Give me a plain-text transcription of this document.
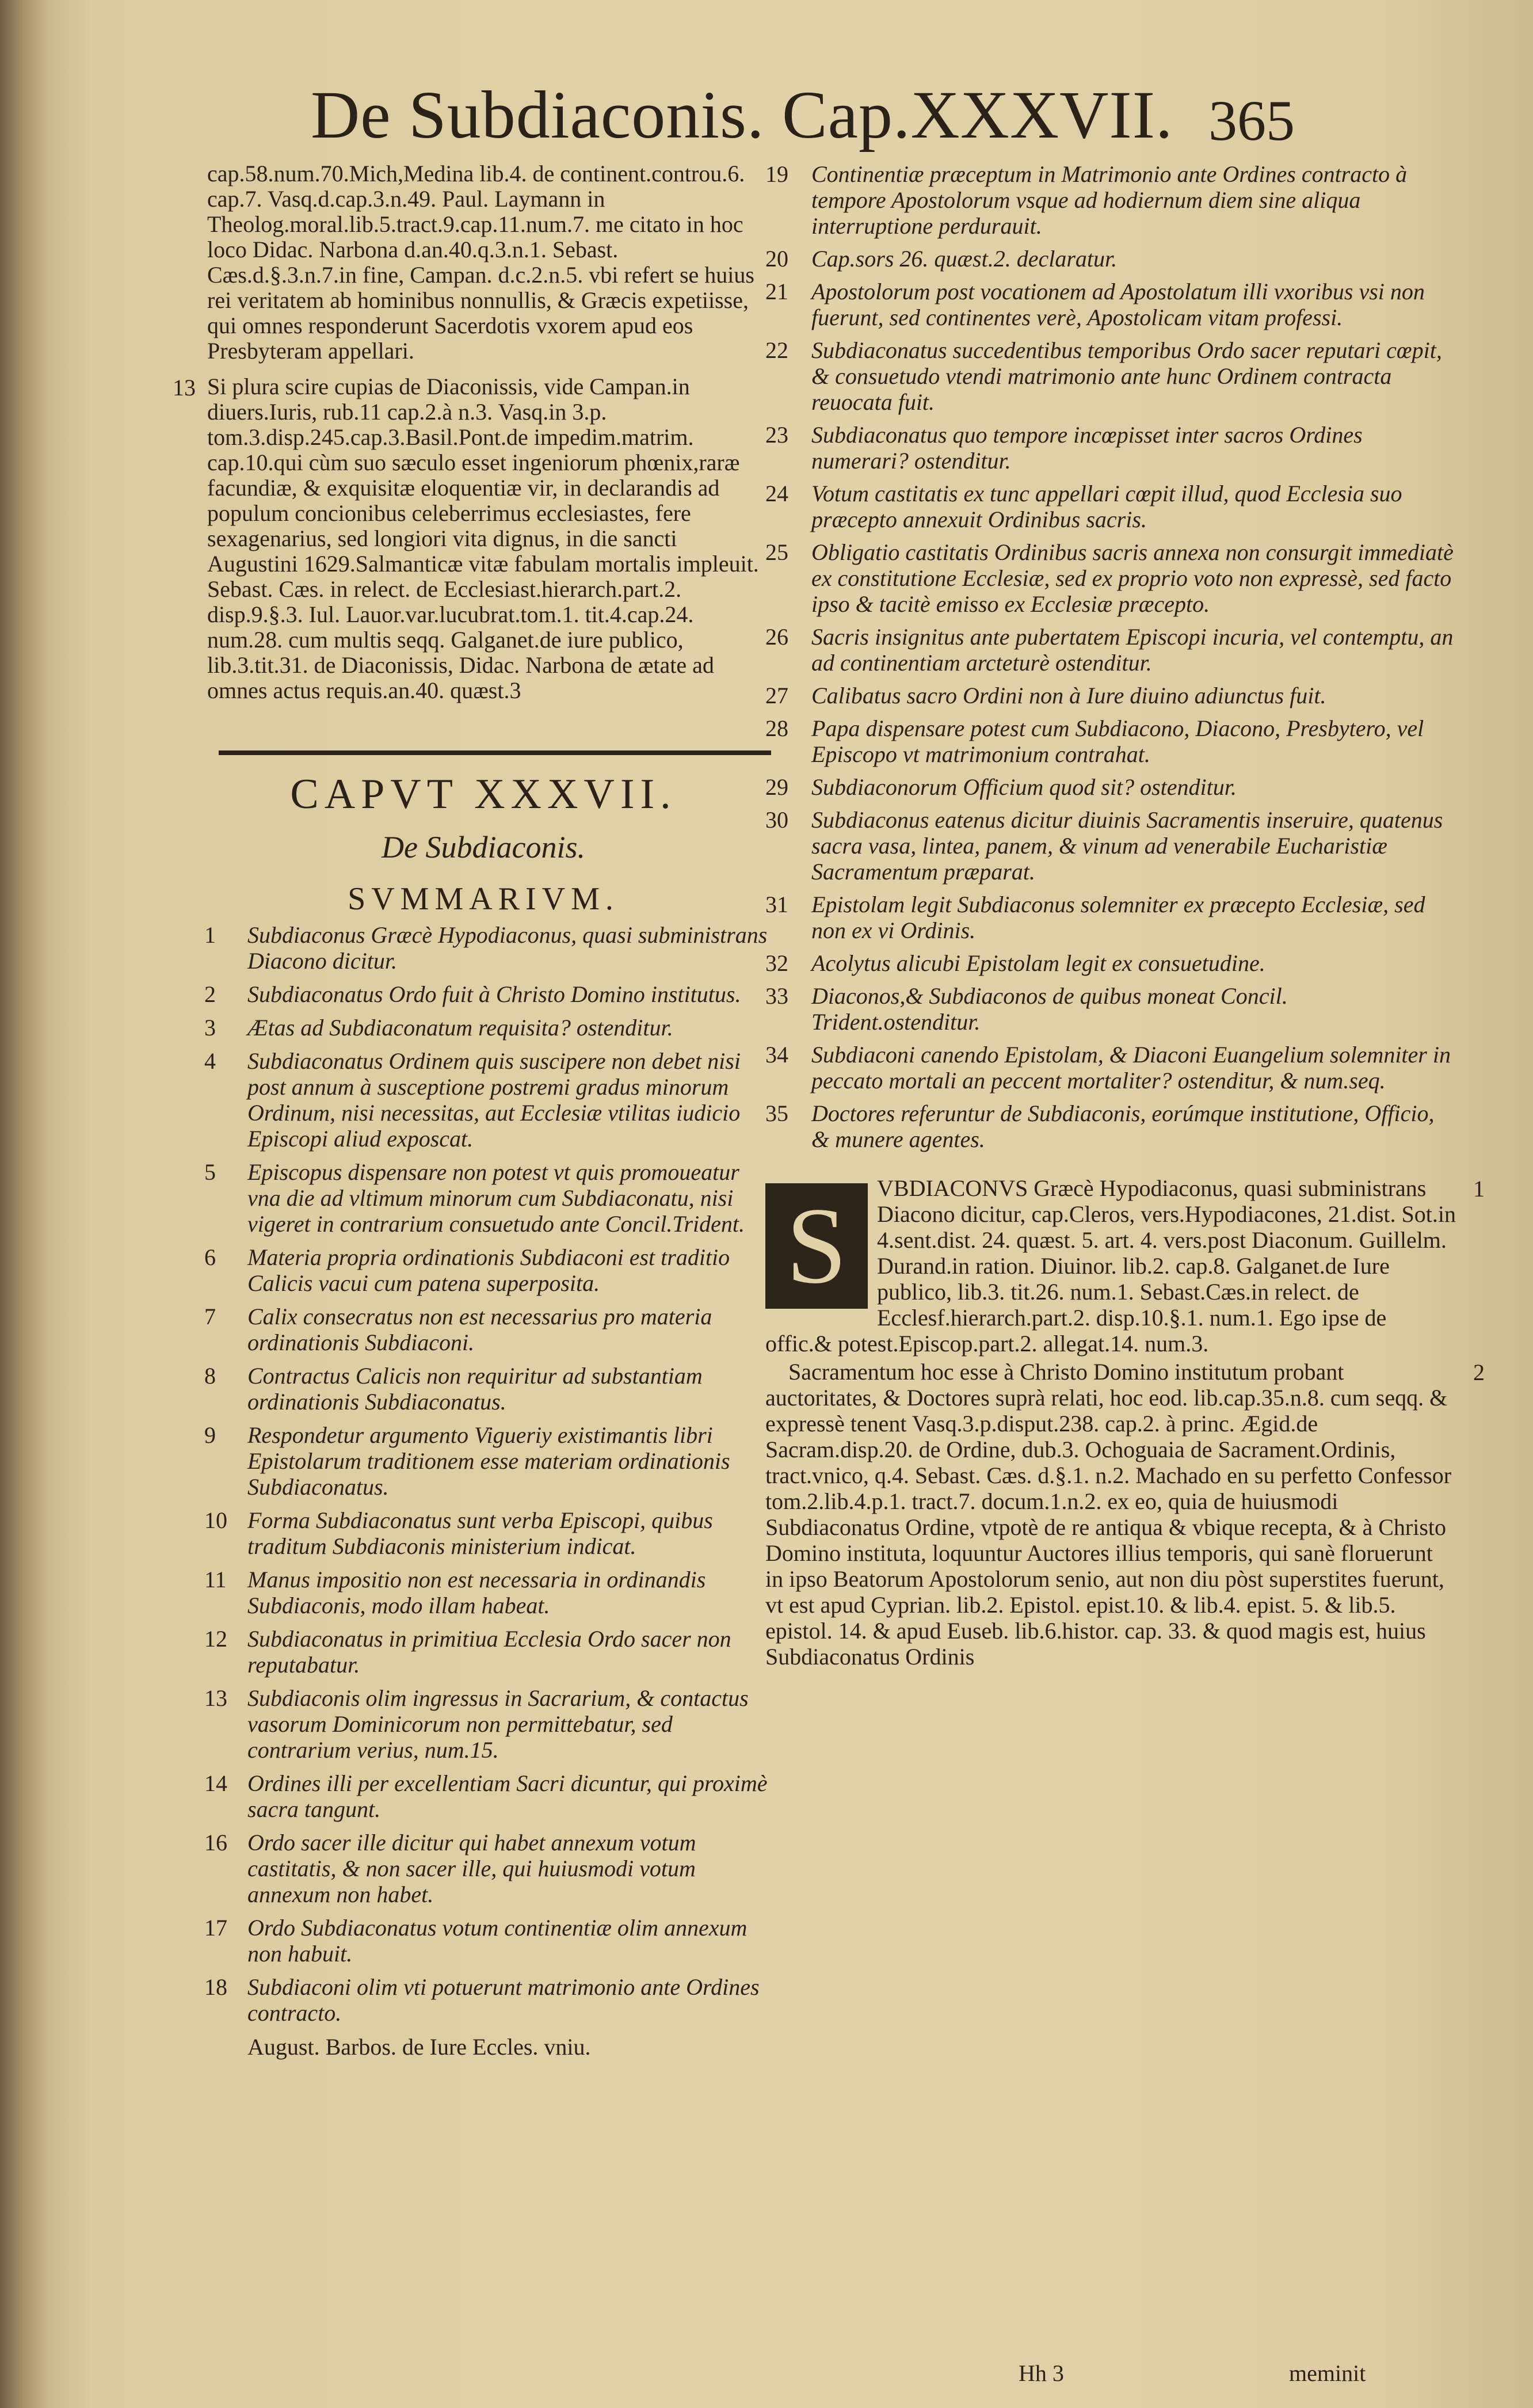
De Subdiaconis. Cap.XXXVII. 365

cap.58.num.70.Mich,Medina lib.4. de continent.controu.6. cap.7. Vasq.d.cap.3.n.49. Paul. Laymann in Theolog.moral.lib.5.tract.9.cap.11.num.7. me citato in hoc loco Didac. Narbona d.an.40.q.3.n.1. Sebast. Cæs.d.§.3.n.7.in fine, Campan. d.c.2.n.5. vbi refert se huius rei veritatem ab hominibus nonnullis, & Græcis expetiisse, qui omnes responderunt Sacerdotis vxorem apud eos Presbyteram appellari.

13 Si plura scire cupias de Diaconissis, vide Campan.in diuers.Iuris, rub.11 cap.2.à n.3. Vasq.in 3.p. tom.3.disp.245.cap.3.Basil.Pont.de impedim.matrim. cap.10.qui cùm suo sæculo esset ingeniorum phœnix,raræ facundiæ, & exquisitæ eloquentiæ vir, in declarandis ad populum concionibus celeberrimus ecclesiastes, fere sexagenarius, sed longiori vita dignus, in die sancti Augustini 1629.Salmanticæ vitæ fabulam mortalis impleuit. Sebast. Cæs. in relect. de Ecclesiast.hierarch.part.2. disp.9.§.3. Iul. Lauor.var.lucubrat.tom.1. tit.4.cap.24. num.28. cum multis seqq. Galganet.de iure publico, lib.3.tit.31. de Diaconissis, Didac. Narbona de ætate ad omnes actus requis.an.40. quæst.3

CAPVT XXXVII.
De Subdiaconis.
SVMMARIVM.
1	Subdiaconus Græcè Hypodiaconus, quasi subministrans Diacono dicitur.
2	Subdiaconatus Ordo fuit à Christo Domino institutus.
3	Ætas ad Subdiaconatum requisita? ostenditur.
4	Subdiaconatus Ordinem quis suscipere non debet nisi post annum à susceptione postremi gradus minorum Ordinum, nisi necessitas, aut Ecclesiæ vtilitas iudicio Episcopi aliud exposcat.
5	Episcopus dispensare non potest vt quis promoueatur vna die ad vltimum minorum cum Subdiaconatu, nisi vigeret in contrarium consuetudo ante Concil.Trident.
6	Materia propria ordinationis Subdiaconi est traditio Calicis vacui cum patena superposita.
7	Calix consecratus non est necessarius pro materia ordinationis Subdiaconi.
8	Contractus Calicis non requiritur ad substantiam ordinationis Subdiaconatus.
9	Respondetur argumento Vigueriy existimantis libri Epistolarum traditionem esse materiam ordinationis Subdiaconatus.
10 Forma Subdiaconatus sunt verba Episcopi, quibus traditum Subdiaconis ministerium indicat.
11 Manus impositio non est necessaria in ordinandis Subdiaconis, modo illam habeat.
12 Subdiaconatus in primitiua Ecclesia Ordo sacer non reputabatur.
13 Subdiaconis olim ingressus in Sacrarium, & contactus vasorum Dominicorum non permittebatur, sed contrarium verius, num.15.
14 Ordines illi per excellentiam Sacri dicuntur, qui proximè sacra tangunt.
16 Ordo sacer ille dicitur qui habet annexum votum castitatis, & non sacer ille, qui huiusmodi votum annexum non habet.
17 Ordo Subdiaconatus votum continentiæ olim annexum non habuit.
18 Subdiaconi olim vti potuerunt matrimonio ante Ordines contracto.
August. Barbos. de Iure Eccles. vniu.
19	Continentiæ præceptum in Matrimonio ante Ordines contracto à tempore Apostolorum vsque ad hodiernum diem sine aliqua interruptione perdurauit.
20	Cap.sors 26. quæst.2. declaratur.
21	Apostolorum post vocationem ad Apostolatum illi vxoribus vsi non fuerunt, sed continentes verè, Apostolicam vitam professi.
22	Subdiaconatus succedentibus temporibus Ordo sacer reputari cœpit, & consuetudo vtendi matrimonio ante hunc Ordinem contracta reuocata fuit.
23	Subdiaconatus quo tempore incœpisset inter sacros Ordines numerari? ostenditur.
24	Votum castitatis ex tunc appellari cœpit illud, quod Ecclesia suo præcepto annexuit Ordinibus sacris.
25	Obligatio castitatis Ordinibus sacris annexa non consurgit immediatè ex constitutione Ecclesiæ, sed ex proprio voto non expressè, sed facto ipso & tacitè emisso ex Ecclesiæ præcepto.
26	Sacris insignitus ante pubertatem Episcopi incuria, vel contemptu, an ad continentiam arcteturè ostenditur.
27	Calibatus sacro Ordini non à Iure diuino adiunctus fuit.
28	Papa dispensare potest cum Subdiacono, Diacono, Presbytero, vel Episcopo vt matrimonium contrahat.
29	Subdiaconorum Officium quod sit? ostenditur.
30	Subdiaconus eatenus dicitur diuinis Sacramentis inseruire, quatenus sacra vasa, lintea, panem, & vinum ad venerabile Eucharistiæ Sacramentum præparat.
31	Epistolam legit Subdiaconus solemniter ex præcepto Ecclesiæ, sed non ex vi Ordinis.
32	Acolytus alicubi Epistolam legit ex consuetudine.
33	Diaconos,& Subdiaconos de quibus moneat Concil. Trident.ostenditur.
34	Subdiaconi canendo Epistolam, & Diaconi Euangelium solemniter in peccato mortali an peccent mortaliter? ostenditur, & num.seq.
35	Doctores referuntur de Subdiaconis, eorúmque institutione, Officio, & munere agentes.
1
S	VBDIACONVS Græcè Hypodiaconus, quasi subministrans Diacono dicitur, cap.Cleros, vers.Hypodiacones, 21.dist. Sot.in 4.sent.dist. 24. quæst. 5. art. 4. vers.post Diaconum. Guillelm. Durand.in ration. Diuinor. lib.2. cap.8. Galganet.de Iure publico, lib.3. tit.26. num.1. Sebast.Cæs.in relect. de Ecclesf.hierarch.part.2. disp.10.§.1. num.1. Ego ipse de offic.& potest.Episcop.part.2. allegat.14. num.3.

2

Sacramentum hoc esse à Christo Domino institutum probant auctoritates, & Doctores suprà relati, hoc eod. lib.cap.35.n.8. cum seqq. & expressè tenent Vasq.3.p.disput.238. cap.2. à princ. Ægid.de Sacram.disp.20. de Ordine, dub.3. Ochoguaia de Sacrament.Ordinis, tract.vnico, q.4. Sebast. Cæs. d.§.1. n.2. Machado en su perfetto Confessor tom.2.lib.4.p.1. tract.7. docum.1.n.2. ex eo, quia de huiusmodi Subdiaconatus Ordine, vtpotè de re antiqua & vbique recepta, & à Christo Domino instituta, loquuntur Auctores illius temporis, qui sanè floruerunt in ipso Beatorum Apostolorum senio, aut non diu pòst superstites fuerunt, vt est apud Cyprian. lib.2. Epistol. epist.10. & lib.4. epist. 5. & lib.5. epistol. 14. & apud Euseb. lib.6.histor. cap. 33. & quod magis est, huius Subdiaconatus Ordinis

Hh 3	meminit
